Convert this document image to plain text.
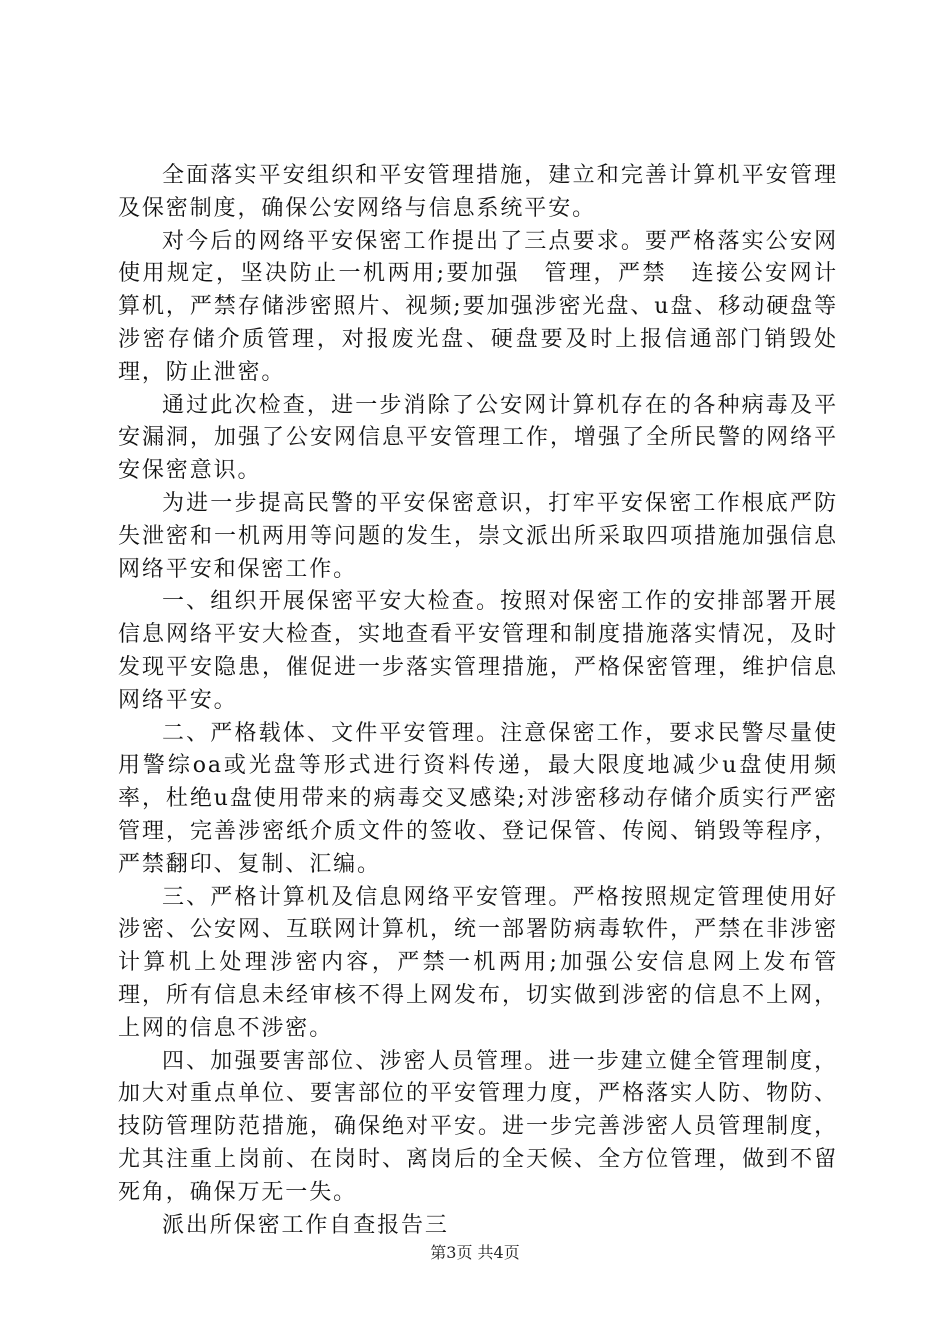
全面落实平安组织和平安管理措施，建立和完善计算机平安管理及保密制度，确保公安网络与信息系统平安。

对今后的网络平安保密工作提出了三点要求。要严格落实公安网使用规定，坚决防止一机两用;要加强　管理，严禁　连接公安网计算机，严禁存储涉密照片、视频;要加强涉密光盘、u盘、移动硬盘等涉密存储介质管理，对报废光盘、硬盘要及时上报信通部门销毁处理，防止泄密。

通过此次检查，进一步消除了公安网计算机存在的各种病毒及平安漏洞，加强了公安网信息平安管理工作，增强了全所民警的网络平安保密意识。

为进一步提高民警的平安保密意识，打牢平安保密工作根底严防失泄密和一机两用等问题的发生，崇文派出所采取四项措施加强信息网络平安和保密工作。

一、组织开展保密平安大检查。按照对保密工作的安排部署开展信息网络平安大检查，实地查看平安管理和制度措施落实情况，及时发现平安隐患，催促进一步落实管理措施，严格保密管理，维护信息网络平安。

二、严格载体、文件平安管理。注意保密工作，要求民警尽量使用警综oa或光盘等形式进行资料传递，最大限度地减少u盘使用频率，杜绝u盘使用带来的病毒交叉感染;对涉密移动存储介质实行严密管理，完善涉密纸介质文件的签收、登记保管、传阅、销毁等程序，严禁翻印、复制、汇编。

三、严格计算机及信息网络平安管理。严格按照规定管理使用好涉密、公安网、互联网计算机，统一部署防病毒软件，严禁在非涉密计算机上处理涉密内容，严禁一机两用;加强公安信息网上发布管理，所有信息未经审核不得上网发布，切实做到涉密的信息不上网，上网的信息不涉密。

四、加强要害部位、涉密人员管理。进一步建立健全管理制度，加大对重点单位、要害部位的平安管理力度，严格落实人防、物防、技防管理防范措施，确保绝对平安。进一步完善涉密人员管理制度，尤其注重上岗前、在岗时、离岗后的全天候、全方位管理，做到不留死角，确保万无一失。

派出所保密工作自查报告三

第3页 共4页
